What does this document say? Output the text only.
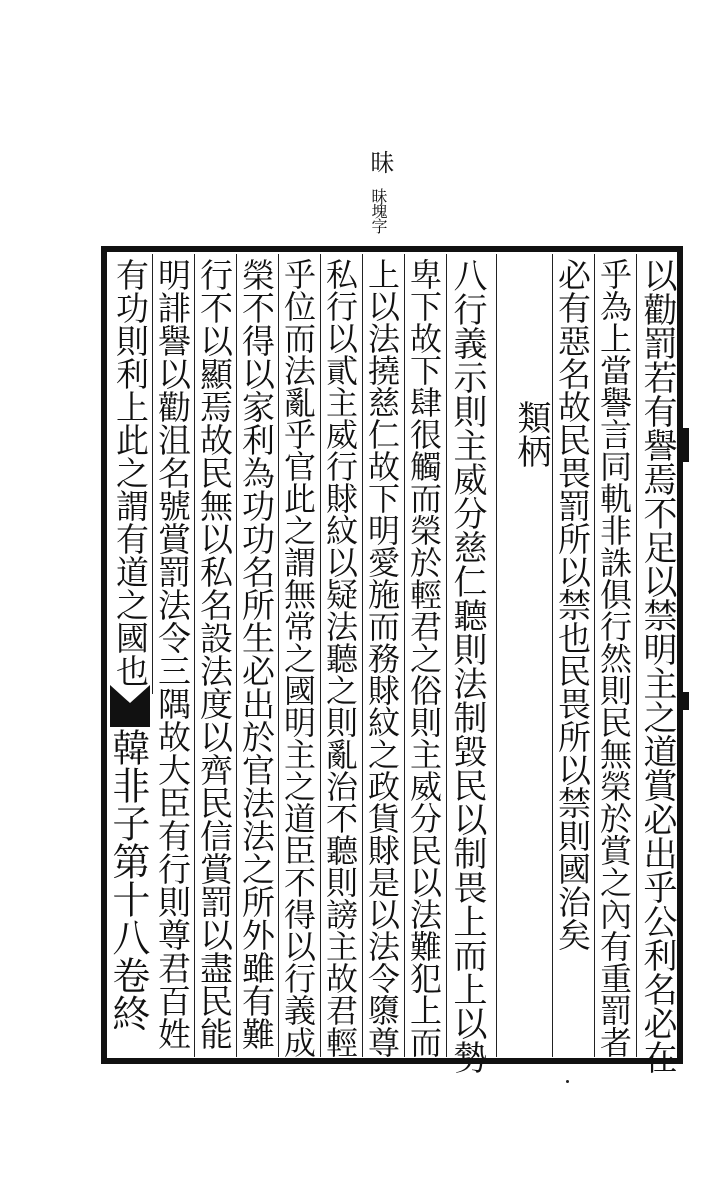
昧
昧塊字
以勸罰若有譽焉不足以禁明主之道賞必出乎公利名必在
乎為上當譽言同軌非誅俱行然則民無榮於賞之內有重罰者
必有惡名故民畏罰所以禁也民畏所以禁則國治矣
類柄
八行義示則主威分慈仁聽則法制毀民以制畏上而上以勢
卑下故下肆很觸而榮於輕君之俗則主威分民以法難犯上而
上以法撓慈仁故下明愛施而務賕紋之政貨賕是以法令隳尊
私行以貳主威行賕紋以疑法聽之則亂治不聽則謗主故君輕
乎位而法亂乎官此之謂無常之國明主之道臣不得以行義成
榮不得以家利為功功名所生必出於官法法之所外雖有難
行不以顯焉故民無以私名設法度以齊民信賞罰以盡民能
明誹譽以勸沮名號賞罰法令三隅故大臣有行則尊君百姓
有功則利上此之謂有道之國也
韓非子第十八卷終
